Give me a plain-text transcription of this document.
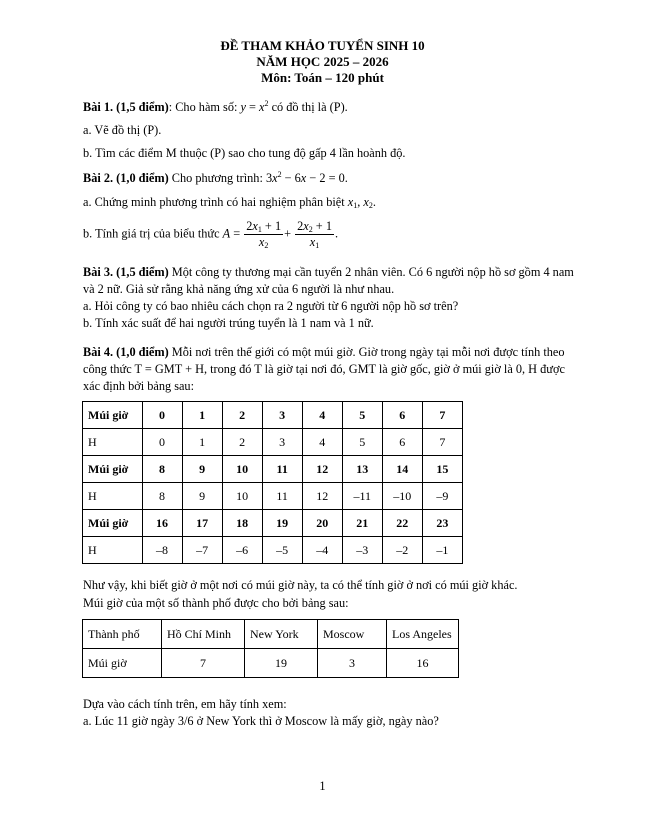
ĐỀ THAM KHẢO TUYỂN SINH 10
NĂM HỌC 2025 – 2026
Môn: Toán – 120 phút
Bài 1. (1,5 điểm): Cho hàm số: $y = x^2$ có đồ thị là (P).
a. Vẽ đồ thị (P).
b. Tìm các điểm M thuộc (P) sao cho tung độ gấp 4 lần hoành độ.
Bài 2. (1,0 điểm) Cho phương trình: $3x^2 - 6x - 2 = 0$.
a. Chứng minh phương trình có hai nghiệm phân biệt $x_1$, $x_2$.
b. Tính giá trị của biểu thức $A = \frac{2x_1 + 1}{x_2} + \frac{2x_2 + 1}{x_1}$ .
Bài 3. (1,5 điểm) Một công ty thương mại cần tuyển 2 nhân viên. Có 6 người nộp hồ sơ gồm 4 nam
và 2 nữ. Giả sử rằng khả năng ứng xử của 6 người là như nhau.
a. Hỏi công ty có bao nhiêu cách chọn ra 2 người từ 6 người nộp hồ sơ trên?
b. Tính xác suất để hai người trúng tuyển là 1 nam và 1 nữ.
Bài 4. (1,0 điểm) Mỗi nơi trên thế giới có một múi giờ. Giờ trong ngày tại mỗi nơi được tính theo
công thức T = GMT + H, trong đó T là giờ tại nơi đó, GMT là giờ gốc, giờ ở múi giờ là 0, H được
xác định bởi bảng sau:
Múi giờ	0	1	2	3	4	5	6	7
H	0	1	2	3	4	5	6	7
Múi giờ	8	9	10	11	12	13	14	15
H	8	9	10	11	12	–11	–10	–9
Múi giờ	16	17	18	19	20	21	22	23
H	–8	–7	–6	–5	–4	–3	–2	–1
Như vậy, khi biết giờ ở một nơi có múi giờ này, ta có thể tính giờ ở nơi có múi giờ khác.
Múi giờ của một số thành phố được cho bởi bảng sau:
Thành phố	Hồ Chí Minh	New York	Moscow	Los Angeles
Múi giờ	7	19	3	16
Dựa vào cách tính trên, em hãy tính xem:
a. Lúc 11 giờ ngày 3/6 ở New York thì ở Moscow là mấy giờ, ngày nào?
1
